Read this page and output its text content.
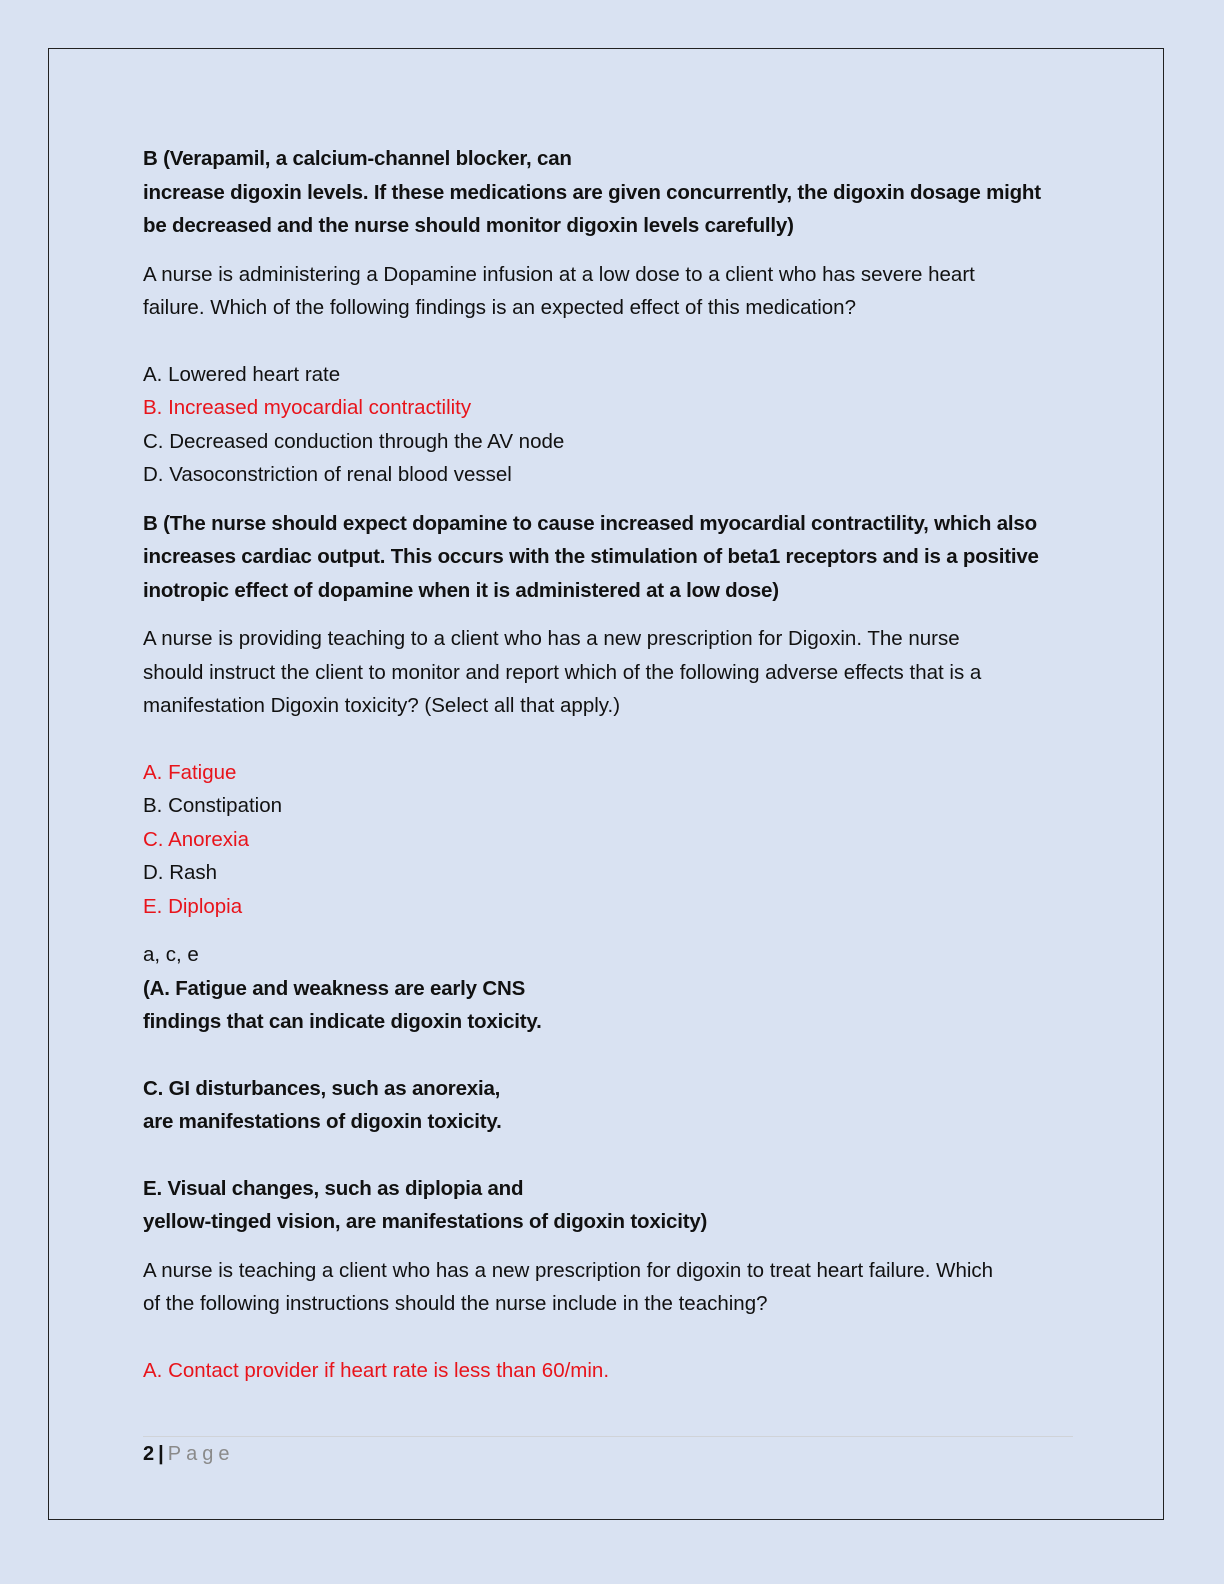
B (Verapamil, a calcium-channel blocker, can

increase digoxin levels. If these medications are given concurrently, the digoxin dosage might

be decreased and the nurse should monitor digoxin levels carefully)

A nurse is administering a Dopamine infusion at a low dose to a client who has severe heart

failure. Which of the following findings is an expected effect of this medication?

A. Lowered heart rate

B. Increased myocardial contractility

C. Decreased conduction through the AV node

D. Vasoconstriction of renal blood vessel

B (The nurse should expect dopamine to cause increased myocardial contractility, which also

increases cardiac output. This occurs with the stimulation of beta1 receptors and is a positive

inotropic effect of dopamine when it is administered at a low dose)

A nurse is providing teaching to a client who has a new prescription for Digoxin. The nurse

should instruct the client to monitor and report which of the following adverse effects that is a

manifestation Digoxin toxicity? (Select all that apply.)

A. Fatigue

B. Constipation

C. Anorexia

D. Rash

E. Diplopia

a, c, e

(A. Fatigue and weakness are early CNS

findings that can indicate digoxin toxicity.

C. GI disturbances, such as anorexia,

are manifestations of digoxin toxicity.

E. Visual changes, such as diplopia and

yellow-tinged vision, are manifestations of digoxin toxicity)

A nurse is teaching a client who has a new prescription for digoxin to treat heart failure. Which

of the following instructions should the nurse include in the teaching?

A. Contact provider if heart rate is less than 60/min.

2 | Page
